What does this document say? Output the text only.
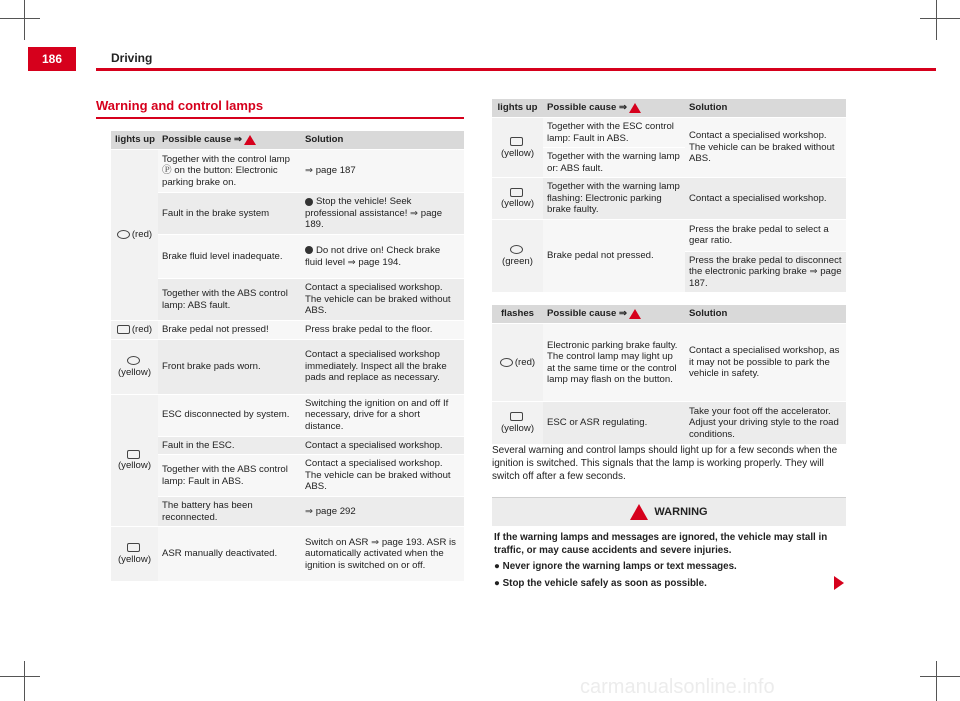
186	Driving
Warning and control lamps
lights up	Possible cause ⇒	Solution
(red)	Together with the control lamp Ⓟ on the button: Electronic parking brake on.	⇒ page 187
	Fault in the brake system	Stop the vehicle! Seek professional assistance! ⇒ page 189.
	Brake fluid level inadequate.	Do not drive on! Check brake fluid level ⇒ page 194.
	Together with the ABS control lamp: ABS fault.	Contact a specialised workshop. The vehicle can be braked without ABS.
(red)	Brake pedal not pressed!	Press brake pedal to the floor.
(yellow)	Front brake pads worn.	Contact a specialised workshop immediately. Inspect all the brake pads and replace as necessary.
(yellow)	ESC disconnected by system.	Switching the ignition on and off If necessary, drive for a short distance.
	Fault in the ESC.	Contact a specialised workshop.
	Together with the ABS control lamp: Fault in ABS.	Contact a specialised workshop. The vehicle can be braked without ABS.
	The battery has been reconnected.	⇒ page 292
(yellow)	ASR manually deactivated.	Switch on ASR ⇒ page 193. ASR is automatically activated when the ignition is switched on or off.
lights up	Possible cause ⇒	Solution
(yellow)	Together with the ESC control lamp: Fault in ABS.	Contact a specialised workshop. The vehicle can be braked without ABS.
	Together with the warning lamp or: ABS fault.	
(yellow)	Together with the warning lamp flashing: Electronic parking brake faulty.	Contact a specialised workshop.

(green)	Brake pedal not pressed.	Press the brake pedal to select a gear ratio.
		Press the brake pedal to disconnect the electronic parking brake ⇒ page 187.
flashes	Possible cause ⇒	Solution
(red)	Electronic parking brake faulty. The control lamp may light up at the same time or the control lamp may flash on the button.	Contact a specialised workshop, as it may not be possible to park the vehicle in safety.
(yellow)	ESC or ASR regulating.	Take your foot off the accelerator. Adjust your driving style to the road conditions.
Several warning and control lamps should light up for a few seconds when the ignition is switched. This signals that the lamp is working properly. They will switch off after a few seconds.
WARNING
If the warning lamps and messages are ignored, the vehicle may stall in traffic, or may cause accidents and severe injuries.
● Never ignore the warning lamps or text messages.
● Stop the vehicle safely as soon as possible.
carmanualsonline.info
